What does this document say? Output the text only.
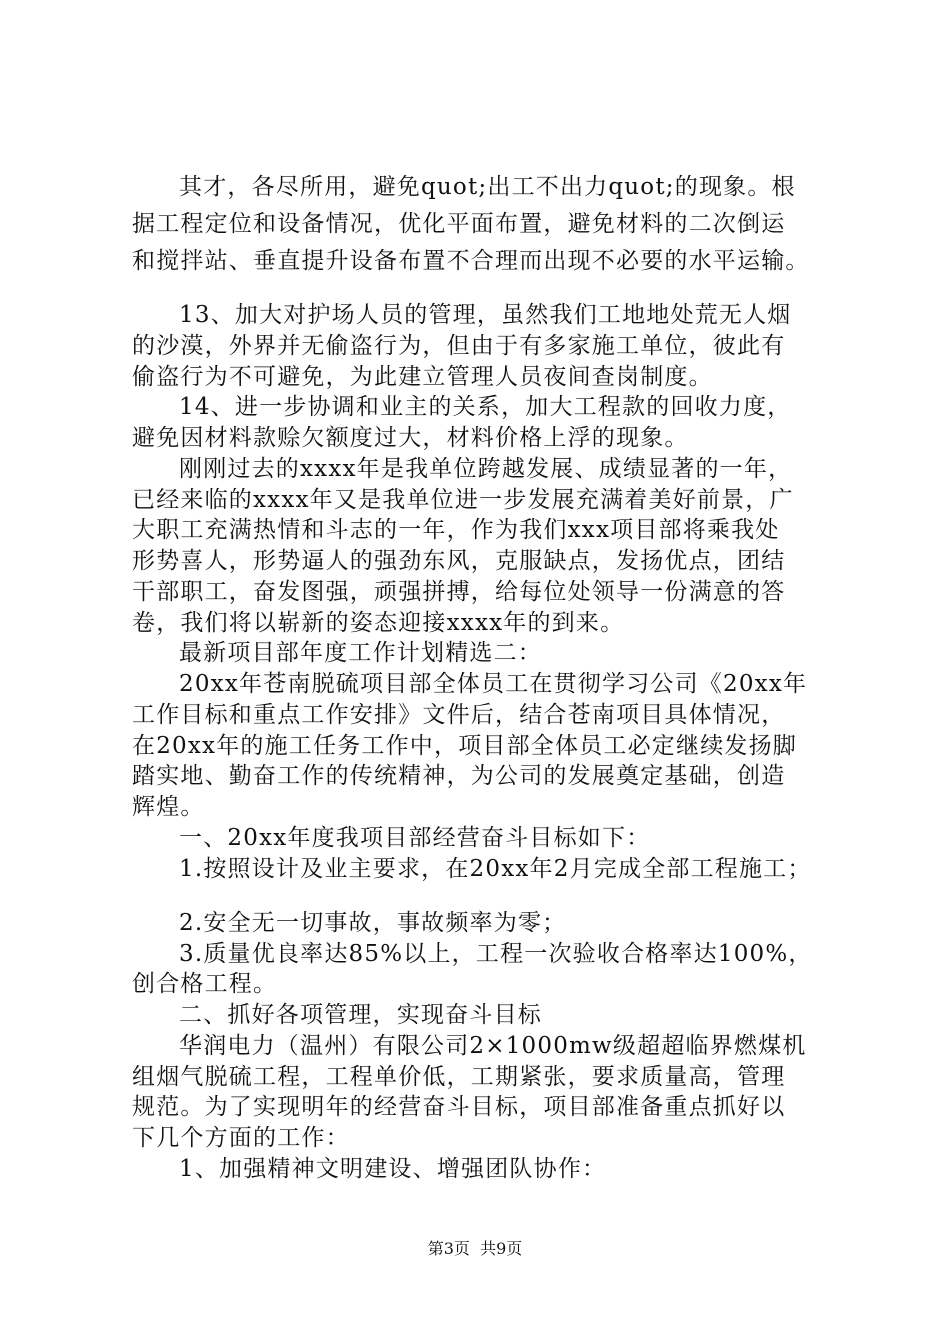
其才，各尽所用，避免quot;出工不出力quot;的现象。根
据工程定位和设备情况，优化平面布置，避免材料的二次倒运
和搅拌站、垂直提升设备布置不合理而出现不必要的水平运输。
13、加大对护场人员的管理，虽然我们工地地处荒无人烟
的沙漠，外界并无偷盗行为，但由于有多家施工单位，彼此有
偷盗行为不可避免，为此建立管理人员夜间查岗制度。
14、进一步协调和业主的关系，加大工程款的回收力度，
避免因材料款赊欠额度过大，材料价格上浮的现象。
刚刚过去的xxxx年是我单位跨越发展、成绩显著的一年，
已经来临的xxxx年又是我单位进一步发展充满着美好前景，广
大职工充满热情和斗志的一年，作为我们xxx项目部将乘我处
形势喜人，形势逼人的强劲东风，克服缺点，发扬优点，团结
干部职工，奋发图强，顽强拼搏，给每位处领导一份满意的答
卷，我们将以崭新的姿态迎接xxxx年的到来。
最新项目部年度工作计划精选二：
20xx年苍南脱硫项目部全体员工在贯彻学习公司《20xx年
工作目标和重点工作安排》文件后，结合苍南项目具体情况，
在20xx年的施工任务工作中，项目部全体员工必定继续发扬脚
踏实地、勤奋工作的传统精神，为公司的发展奠定基础，创造
辉煌。
一、20xx年度我项目部经营奋斗目标如下：
1.按照设计及业主要求，在20xx年2月完成全部工程施工；
2.安全无一切事故，事故频率为零；
3.质量优良率达85%以上，工程一次验收合格率达100%，
创合格工程。
二、抓好各项管理，实现奋斗目标
华润电力（温州）有限公司2×1000mw级超超临界燃煤机
组烟气脱硫工程，工程单价低，工期紧张，要求质量高，管理
规范。为了实现明年的经营奋斗目标，项目部准备重点抓好以
下几个方面的工作：
1、加强精神文明建设、增强团队协作：
第3页  共9页
